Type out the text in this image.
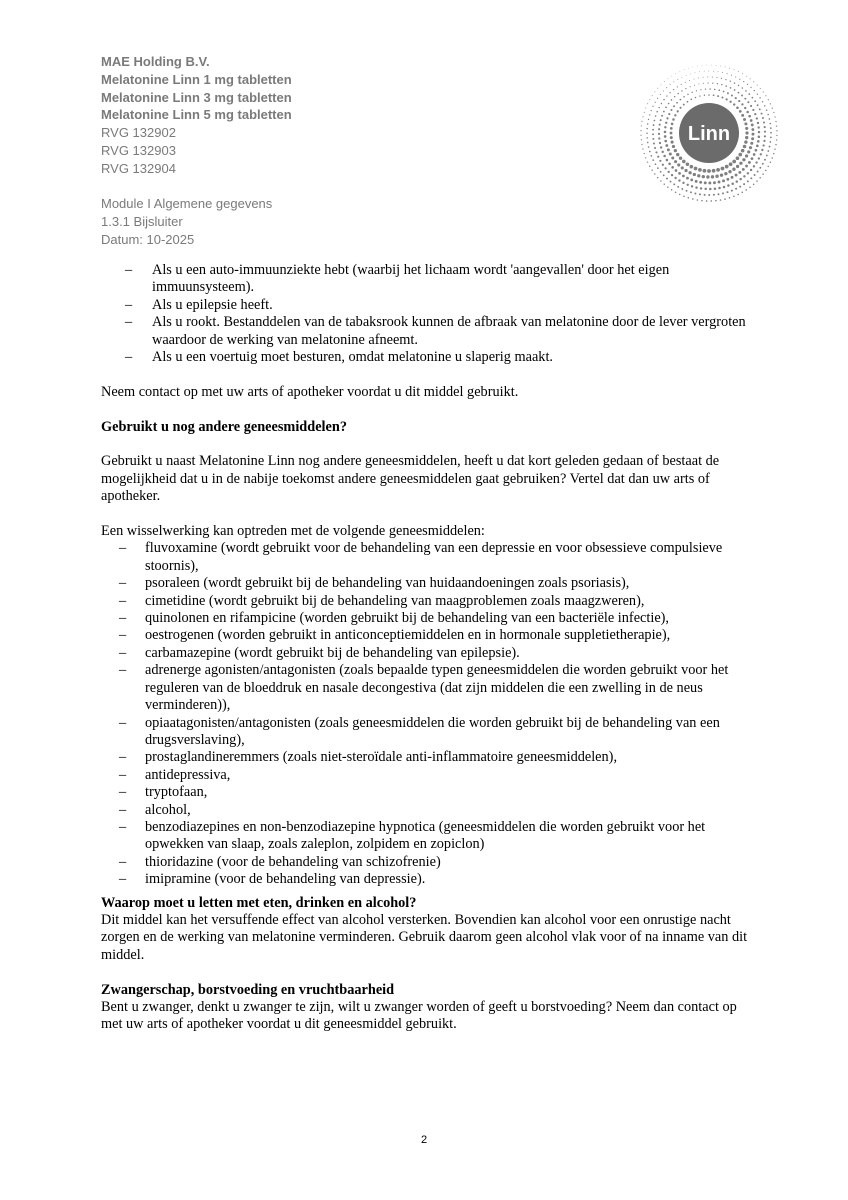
MAE Holding B.V.
Melatonine Linn 1 mg tabletten
Melatonine Linn 3 mg tabletten
Melatonine Linn 5 mg tabletten
RVG 132902
RVG 132903
RVG 132904
Module I Algemene gegevens
1.3.1 Bijsluiter
Datum: 10-2025
Linn
– Als u een auto-immuunziekte hebt (waarbij het lichaam wordt 'aangevallen' door het eigen immuunsysteem).
– Als u epilepsie heeft.
– Als u rookt. Bestanddelen van de tabaksrook kunnen de afbraak van melatonine door de lever vergroten waardoor de werking van melatonine afneemt.
– Als u een voertuig moet besturen, omdat melatonine u slaperig maakt.

Neem contact op met uw arts of apotheker voordat u dit middel gebruikt.

Gebruikt u nog andere geneesmiddelen?

Gebruikt u naast Melatonine Linn nog andere geneesmiddelen, heeft u dat kort geleden gedaan of bestaat de mogelijkheid dat u in de nabije toekomst andere geneesmiddelen gaat gebruiken? Vertel dat dan uw arts of apotheker.

Een wisselwerking kan optreden met de volgende geneesmiddelen:

– fluvoxamine (wordt gebruikt voor de behandeling van een depressie en voor obsessieve compulsieve stoornis),
– psoraleen (wordt gebruikt bij de behandeling van huidaandoeningen zoals psoriasis),
– cimetidine (wordt gebruikt bij de behandeling van maagproblemen zoals maagzweren),
– quinolonen en rifampicine (worden gebruikt bij de behandeling van een bacteriële infectie),
– oestrogenen (worden gebruikt in anticonceptiemiddelen en in hormonale suppletietherapie),
– carbamazepine (wordt gebruikt bij de behandeling van epilepsie).
– adrenerge agonisten/antagonisten (zoals bepaalde typen geneesmiddelen die worden gebruikt voor het reguleren van de bloeddruk en nasale decongestiva (dat zijn middelen die een zwelling in de neus verminderen)),
– opiaatagonisten/antagonisten (zoals geneesmiddelen die worden gebruikt bij de behandeling van een drugsverslaving),
– prostaglandineremmers (zoals niet-steroïdale anti-inflammatoire geneesmiddelen),
– antidepressiva,
– tryptofaan,
– alcohol,
– benzodiazepines en non-benzodiazepine hypnotica (geneesmiddelen die worden gebruikt voor het opwekken van slaap, zoals zaleplon, zolpidem en zopiclon)
– thioridazine (voor de behandeling van schizofrenie)
– imipramine (voor de behandeling van depressie).
Waarop moet u letten met eten, drinken en alcohol?

Dit middel kan het versuffende effect van alcohol versterken. Bovendien kan alcohol voor een onrustige nacht zorgen en de werking van melatonine verminderen. Gebruik daarom geen alcohol vlak voor of na inname van dit middel.

Zwangerschap, borstvoeding en vruchtbaarheid

Bent u zwanger, denkt u zwanger te zijn, wilt u zwanger worden of geeft u borstvoeding? Neem dan contact op met uw arts of apotheker voordat u dit geneesmiddel gebruikt.

2
